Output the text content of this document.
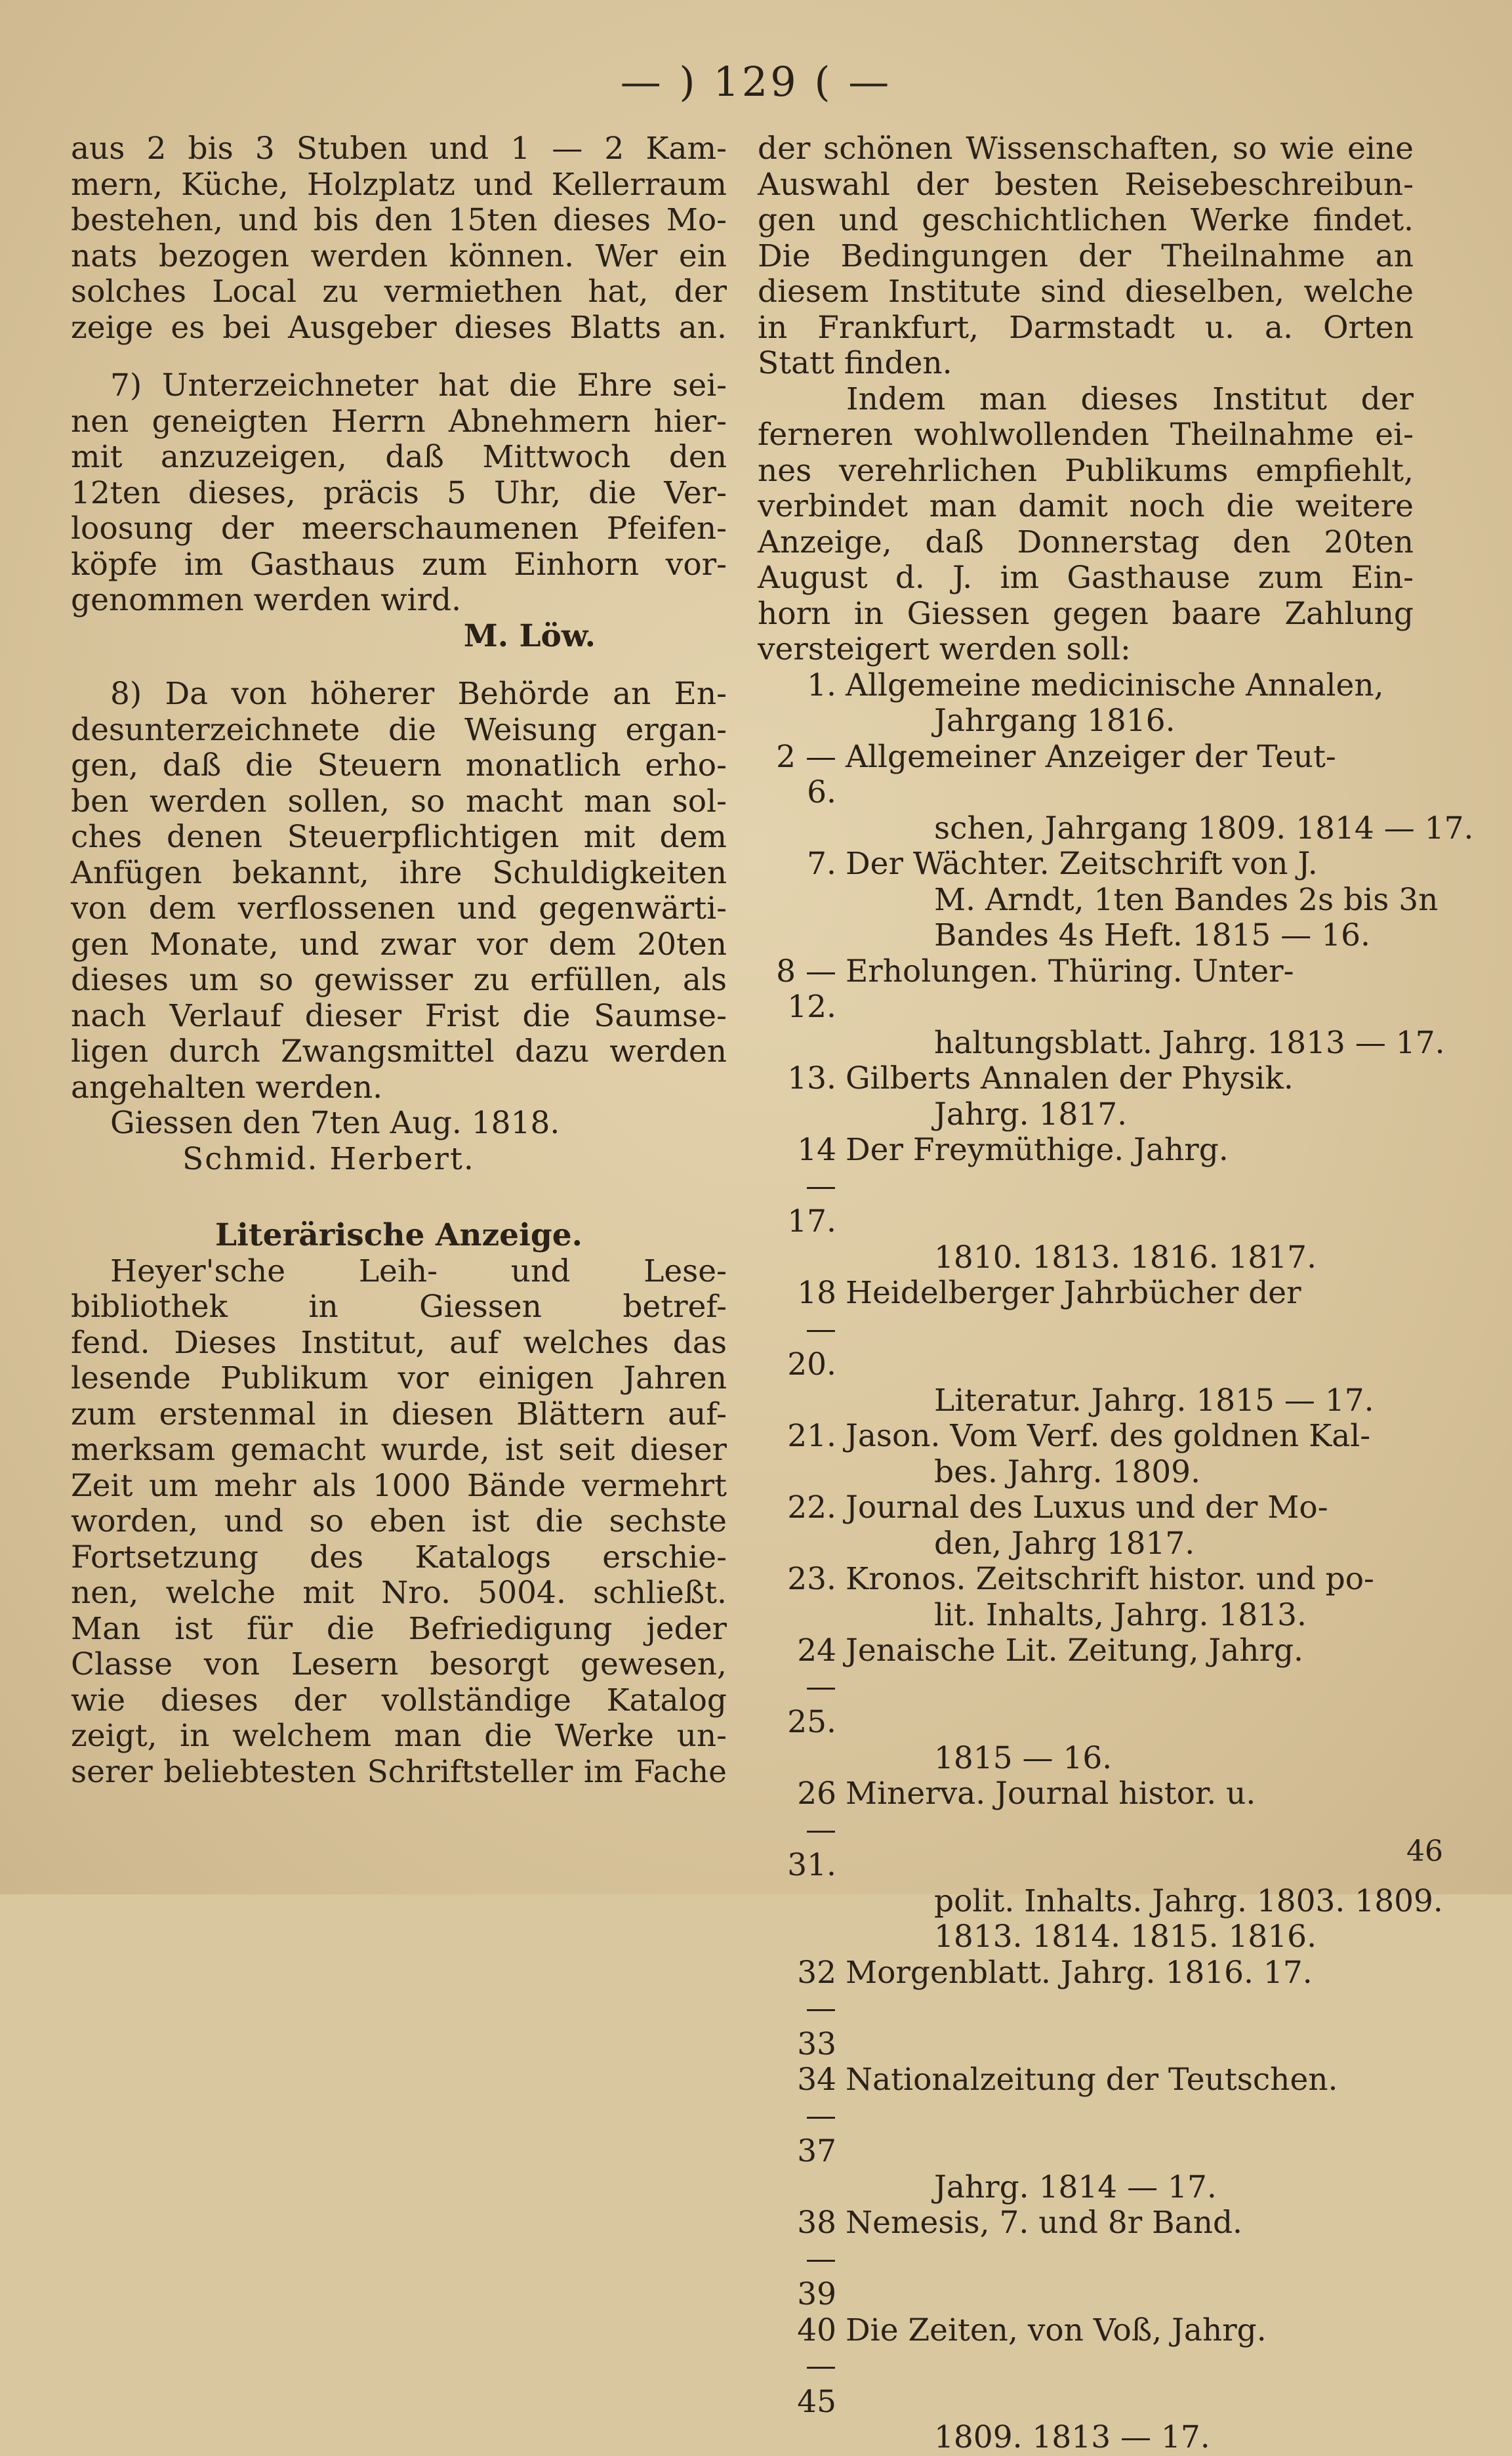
— ) 129 ( —
aus 2 bis 3 Stuben und 1 — 2 Kam-
mern, Küche, Holzplatz und Kellerraum
bestehen, und bis den 15ten dieses Mo-
nats bezogen werden können. Wer ein
solches Local zu vermiethen hat, der
zeige es bei Ausgeber dieses Blatts an.
7) Unterzeichneter hat die Ehre sei-
nen geneigten Herrn Abnehmern hier-
mit anzuzeigen, daß Mittwoch den
12ten dieses, präcis 5 Uhr, die Ver-
loosung der meerschaumenen Pfeifen-
köpfe im Gasthaus zum Einhorn vor-
genommen werden wird.
M. Löw.
8) Da von höherer Behörde an En-
desunterzeichnete die Weisung ergan-
gen, daß die Steuern monatlich erho-
ben werden sollen, so macht man sol-
ches denen Steuerpflichtigen mit dem
Anfügen bekannt, ihre Schuldigkeiten
von dem verflossenen und gegenwärti-
gen Monate, und zwar vor dem 20ten
dieses um so gewisser zu erfüllen, als
nach Verlauf dieser Frist die Saumse-
ligen durch Zwangsmittel dazu werden
angehalten werden.
Giessen den 7ten Aug. 1818.
Schmid. Herbert.
Literärische Anzeige.
Heyer'sche Leih- und Lese-
bibliothek in Giessen betref-
fend. Dieses Institut, auf welches das
lesende Publikum vor einigen Jahren
zum erstenmal in diesen Blättern auf-
merksam gemacht wurde, ist seit dieser
Zeit um mehr als 1000 Bände vermehrt
worden, und so eben ist die sechste
Fortsetzung des Katalogs erschie-
nen, welche mit Nro. 5004. schließt.
Man ist für die Befriedigung jeder
Classe von Lesern besorgt gewesen,
wie dieses der vollständige Katalog
zeigt, in welchem man die Werke un-
serer beliebtesten Schriftsteller im Fache
der schönen Wissenschaften, so wie eine
Auswahl der besten Reisebeschreibun-
gen und geschichtlichen Werke findet.
Die Bedingungen der Theilnahme an
diesem Institute sind dieselben, welche
in Frankfurt, Darmstadt u. a. Orten
Statt finden.
Indem man dieses Institut der
ferneren wohlwollenden Theilnahme ei-
nes verehrlichen Publikums empfiehlt,
verbindet man damit noch die weitere
Anzeige, daß Donnerstag den 20ten
August d. J. im Gasthause zum Ein-
horn in Giessen gegen baare Zahlung
versteigert werden soll:
1. Allgemeine medicinische Annalen,
Jahrgang 1816.
2 — 6.
Allgemeiner Anzeiger der Teut-
schen, Jahrgang 1809. 1814 — 17.
7. Der Wächter. Zeitschrift von J.
M. Arndt, 1ten Bandes 2s bis 3n
Bandes 4s Heft. 1815 — 16.
8 — 12.
Erholungen. Thüring. Unter-
haltungsblatt. Jahrg. 1813 — 17.
13. Gilberts Annalen der Physik.
Jahrg. 1817.
14 — 17.
Der Freymüthige. Jahrg.
1810. 1813. 1816. 1817.
18 — 20.
Heidelberger Jahrbücher der
Literatur. Jahrg. 1815 — 17.
21. Jason. Vom Verf. des goldnen Kal-
bes. Jahrg. 1809.
22. Journal des Luxus und der Mo-
den, Jahrg 1817.
23. Kronos. Zeitschrift histor. und po-
lit. Inhalts, Jahrg. 1813.
24 — 25.
Jenaische Lit. Zeitung, Jahrg.
1815 — 16.
26 — 31.
Minerva. Journal histor. u.
polit. Inhalts. Jahrg. 1803. 1809.
1813. 1814. 1815. 1816.
32 — 33
Morgenblatt. Jahrg. 1816. 17.
34 — 37
Nationalzeitung der Teutschen.
Jahrg. 1814 — 17.
38 — 39
Nemesis, 7. und 8r Band.
40 — 45
Die Zeiten, von Voß, Jahrg.
1809. 1813 — 17.
46
